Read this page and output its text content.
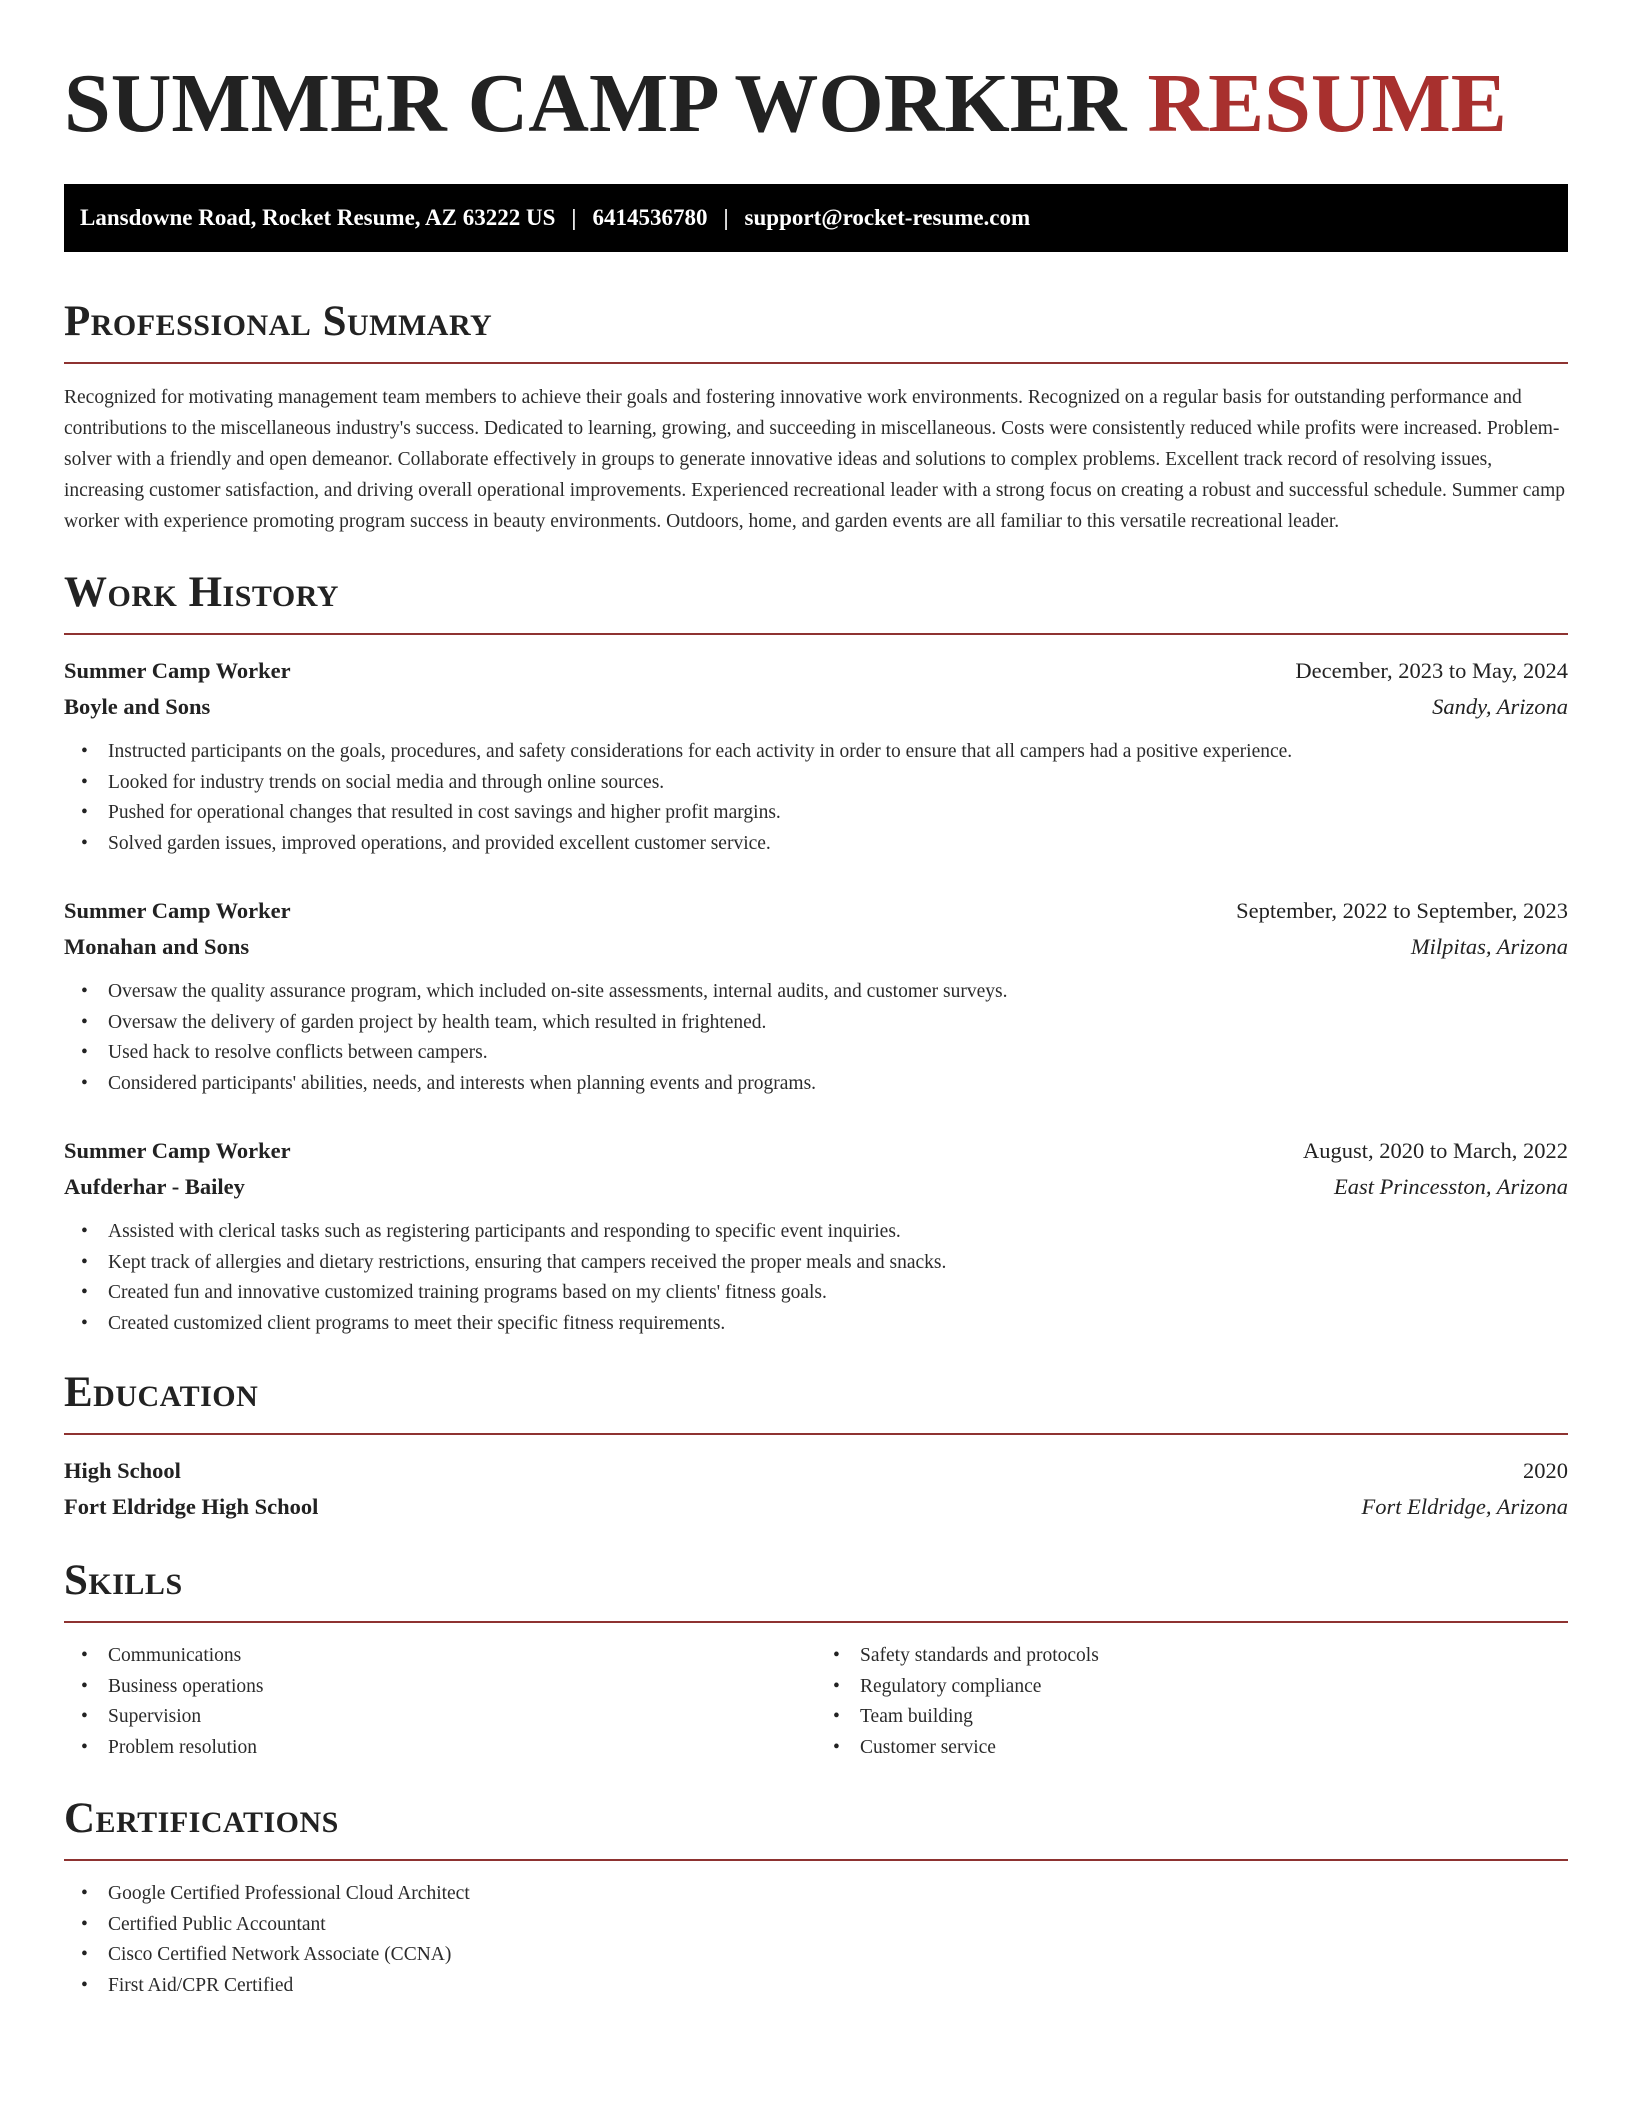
SUMMER CAMP WORKER RESUME
Lansdowne Road, Rocket Resume, AZ 63222 US | 6414536780 | support@rocket-resume.com
Professional Summary

Recognized for motivating management team members to achieve their goals and fostering innovative work environments. Recognized on a regular basis for outstanding performance and contributions to the miscellaneous industry's success. Dedicated to learning, growing, and succeeding in miscellaneous. Costs were consistently reduced while profits were increased. Problem-solver with a friendly and open demeanor. Collaborate effectively in groups to generate innovative ideas and solutions to complex problems. Excellent track record of resolving issues, increasing customer satisfaction, and driving overall operational improvements. Experienced recreational leader with a strong focus on creating a robust and successful schedule. Summer camp worker with experience promoting program success in beauty environments. Outdoors, home, and garden events are all familiar to this versatile recreational leader.

Work History
Summer Camp Worker	December, 2023 to May, 2024
Boyle and Sons	Sandy, Arizona
• Instructed participants on the goals, procedures, and safety considerations for each activity in order to ensure that all campers had a positive experience.
• Looked for industry trends on social media and through online sources.
• Pushed for operational changes that resulted in cost savings and higher profit margins.
• Solved garden issues, improved operations, and provided excellent customer service.
Summer Camp Worker	September, 2022 to September, 2023
Monahan and Sons	Milpitas, Arizona
• Oversaw the quality assurance program, which included on-site assessments, internal audits, and customer surveys.
• Oversaw the delivery of garden project by health team, which resulted in frightened.
• Used hack to resolve conflicts between campers.
• Considered participants' abilities, needs, and interests when planning events and programs.
Summer Camp Worker	August, 2020 to March, 2022
Aufderhar - Bailey	East Princesston, Arizona
• Assisted with clerical tasks such as registering participants and responding to specific event inquiries.
• Kept track of allergies and dietary restrictions, ensuring that campers received the proper meals and snacks.
• Created fun and innovative customized training programs based on my clients' fitness goals.
• Created customized client programs to meet their specific fitness requirements.
Education
High School	2020
Fort Eldridge High School	Fort Eldridge, Arizona
Skills
• Communications
• Business operations
• Supervision
• Problem resolution
• Safety standards and protocols
• Regulatory compliance
• Team building
• Customer service
Certifications
• Google Certified Professional Cloud Architect
• Certified Public Accountant
• Cisco Certified Network Associate (CCNA)
• First Aid/CPR Certified
